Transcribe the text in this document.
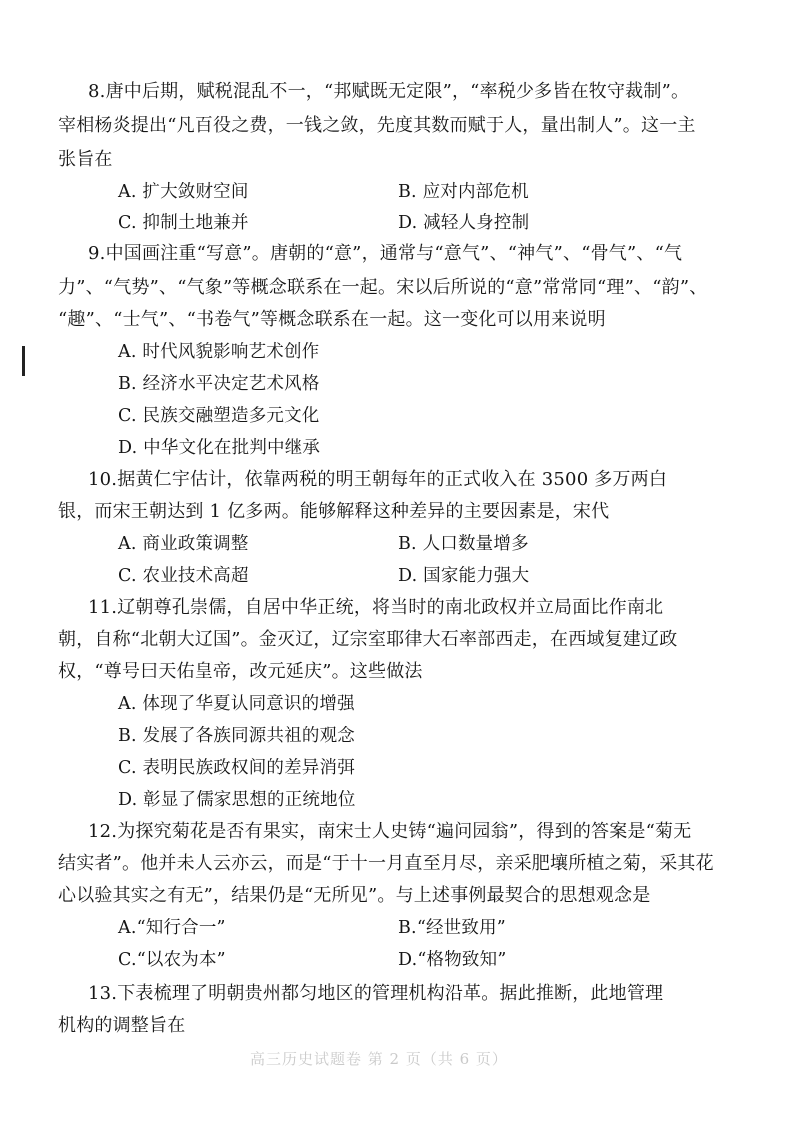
8.唐中后期，赋税混乱不一，“邦赋既无定限”，“率税少多皆在牧守裁制”。
宰相杨炎提出“凡百役之费，一钱之敛，先度其数而赋于人，量出制人”。这一主
张旨在
A. 扩大敛财空间	B. 应对内部危机
C. 抑制土地兼并	D. 减轻人身控制
9.中国画注重“写意”。唐朝的“意”，通常与“意气”、“神气”、“骨气”、“气
力”、“气势”、“气象”等概念联系在一起。宋以后所说的“意”常常同“理”、“韵”、
“趣”、“士气”、“书卷气”等概念联系在一起。这一变化可以用来说明
A. 时代风貌影响艺术创作
B. 经济水平决定艺术风格
C. 民族交融塑造多元文化
D. 中华文化在批判中继承
10.据黄仁宇估计，依靠两税的明王朝每年的正式收入在 3500 多万两白
银，而宋王朝达到 1 亿多两。能够解释这种差异的主要因素是，宋代
A. 商业政策调整	B. 人口数量增多
C. 农业技术高超	D. 国家能力强大
11.辽朝尊孔崇儒，自居中华正统，将当时的南北政权并立局面比作南北
朝，自称“北朝大辽国”。金灭辽，辽宗室耶律大石率部西走，在西域复建辽政
权，“尊号曰天佑皇帝，改元延庆”。这些做法
A. 体现了华夏认同意识的增强
B. 发展了各族同源共祖的观念
C. 表明民族政权间的差异消弭
D. 彰显了儒家思想的正统地位
12.为探究菊花是否有果实，南宋士人史铸“遍问园翁”，得到的答案是“菊无
结实者”。他并未人云亦云，而是“于十一月直至月尽，亲采肥壤所植之菊，采其花
心以验其实之有无”，结果仍是“无所见”。与上述事例最契合的思想观念是
A.“知行合一”	B.“经世致用”
C.“以农为本”	D.“格物致知”
13.下表梳理了明朝贵州都匀地区的管理机构沿革。据此推断，此地管理
机构的调整旨在
高三历史试题卷 第 2 页（共 6 页）
